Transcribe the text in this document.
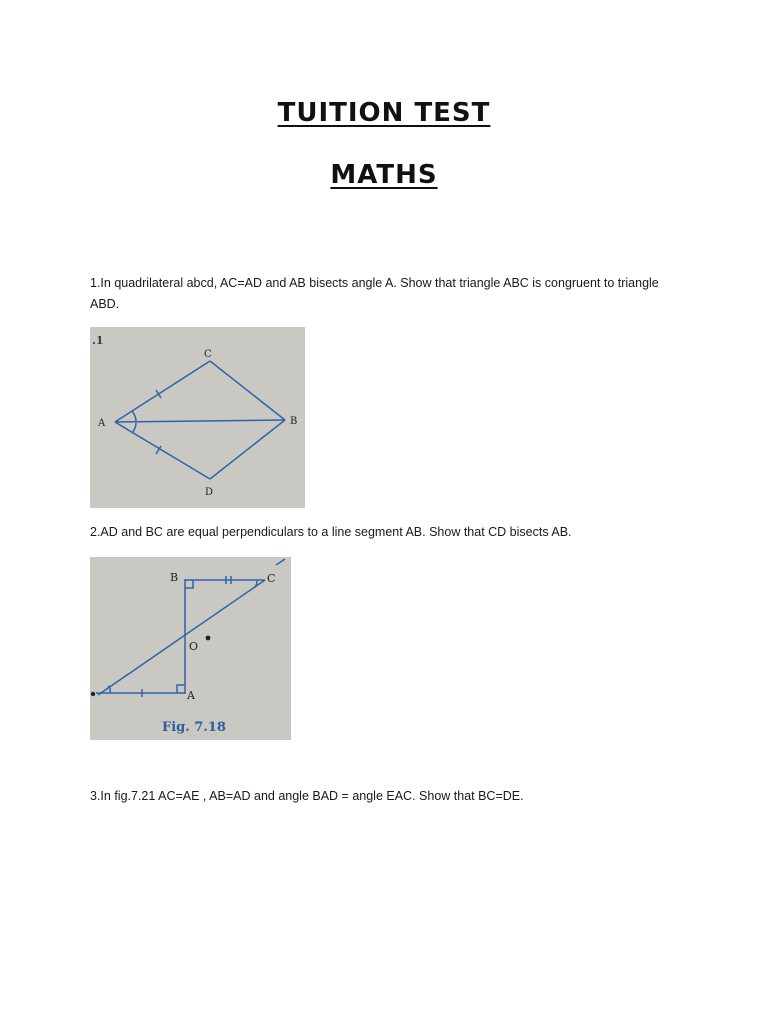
TUITION TEST
MATHS

1.In quadrilateral abcd, AC=AD and AB bisects angle A. Show that triangle ABC is congruent to triangle ABD.

.1
A	B
C
D

2.AD and BC are equal perpendiculars to a line segment AB. Show that CD bisects AB.

B	C
O
A
Fig. 7.18

3.In fig.7.21 AC=AE , AB=AD and angle BAD = angle EAC. Show that BC=DE.
